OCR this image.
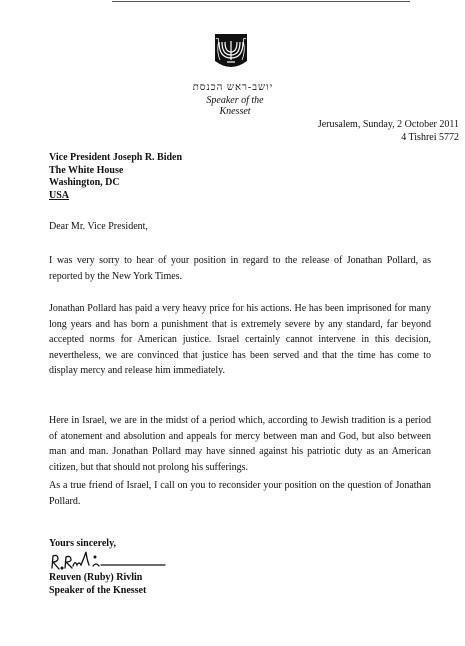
יושב-ראש הכנסת
Speaker of the Knesset
Jerusalem, Sunday, 2 October 2011
4 Tishrei 5772
Vice President Joseph R. Biden
The White House
Washington, DC
USA
Dear Mr. Vice President,

I was very sorry to hear of your position in regard to the release of Jonathan Pollard, as reported by the New York Times.

Jonathan Pollard has paid a very heavy price for his actions. He has been imprisoned for many long years and has born a punishment that is extremely severe by any standard, far beyond accepted norms for American justice. Israel certainly cannot intervene in this decision, nevertheless, we are convinced that justice has been served and that the time has come to display mercy and release him immediately.

Here in Israel, we are in the midst of a period which, according to Jewish tradition is a period of atonement and absolution and appeals for mercy between man and God, but also between man and man. Jonathan Pollard may have sinned against his patriotic duty as an American citizen, but that should not prolong his sufferings.

As a true friend of Israel, I call on you to reconsider your position on the question of Jonathan Pollard.

Yours sincerely,
Reuven (Ruby) Rivlin
Speaker of the Knesset
